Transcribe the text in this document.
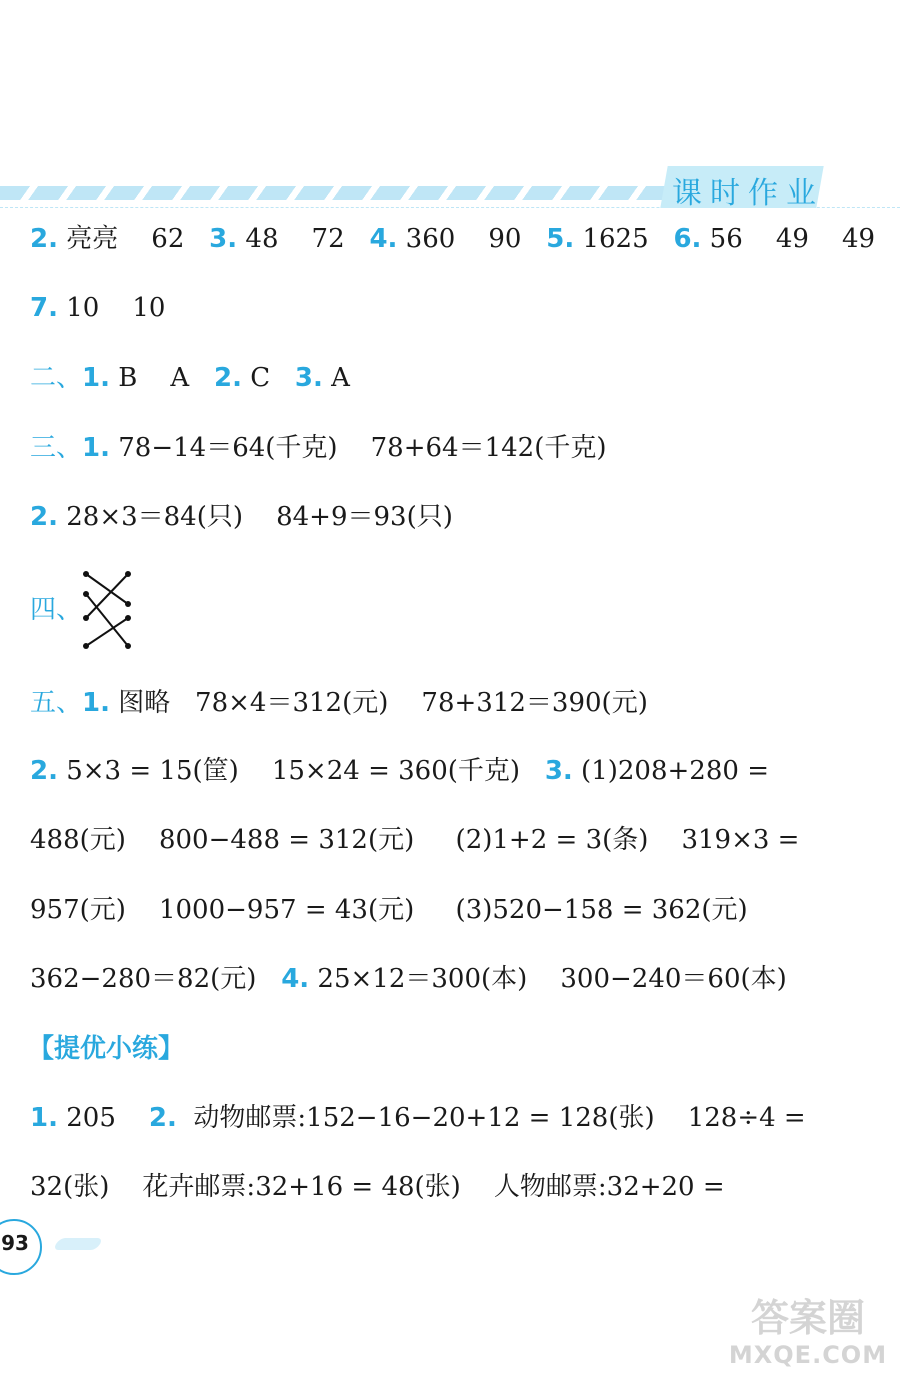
课时作业
2. 亮亮    62   3. 48    72   4. 360    90   5. 1625   6. 56    49    49
7. 10    10
二、1. B    A   2. C   3. A
三、1. 78−14＝64(千克)    78+64＝142(千克)
2. 28×3＝84(只)    84+9＝93(只)
四、
五、1. 图略   78×4＝312(元)    78+312＝390(元)
2. 5×3 = 15(筐)    15×24 = 360(千克)   3. (1)208+280 =
488(元)    800−488 = 312(元)     (2)1+2 = 3(条)    319×3 =
957(元)    1000−957 = 43(元)     (3)520−158 = 362(元)
362−280＝82(元)   4. 25×12＝300(本)    300−240＝60(本)
【提优小练】
1. 205    2.  动物邮票:152−16−20+12 = 128(张)    128÷4 =
32(张)    花卉邮票:32+16 = 48(张)    人物邮票:32+20 =
93
答案圈
MXQE.COM
